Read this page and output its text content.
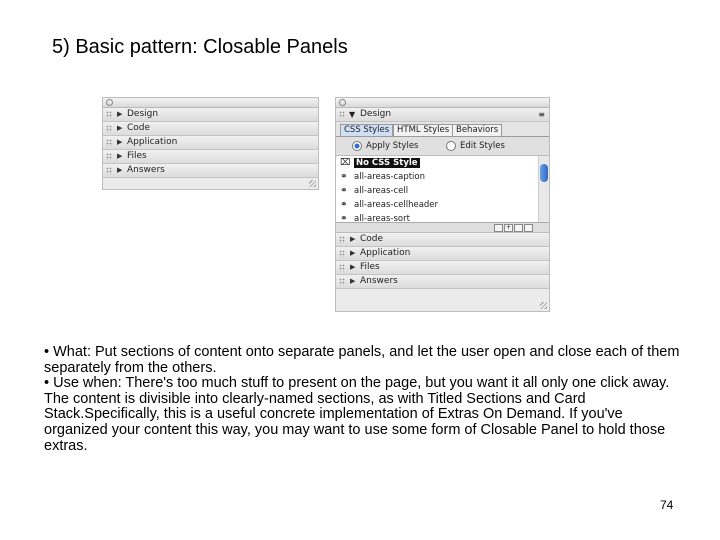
5) Basic pattern: Closable Panels
▶ Design
▶ Code
▶ Application
▶ Files
▶ Answers
▼ Design	≡
CSS Styles HTML Styles Behaviors
Apply Styles	Edit Styles
⌧ No CSS Style
⚭ all-areas-caption
⚭ all-areas-cell
⚭ all-areas-cellheader
⚭ all-areas-sort
+
▶ Code
▶ Application
▶ Files
▶ Answers

• What: Put sections of content onto separate panels, and let the user open and close each of them separately from the others.

• Use when: There's too much stuff to present on the page, but you want it all only one click away. The content is divisible into clearly-named sections, as with Titled Sections and Card Stack.Specifically, this is a useful concrete implementation of Extras On Demand. If you've organized your content this way, you may want to use some form of Closable Panel to hold those extras.

74
